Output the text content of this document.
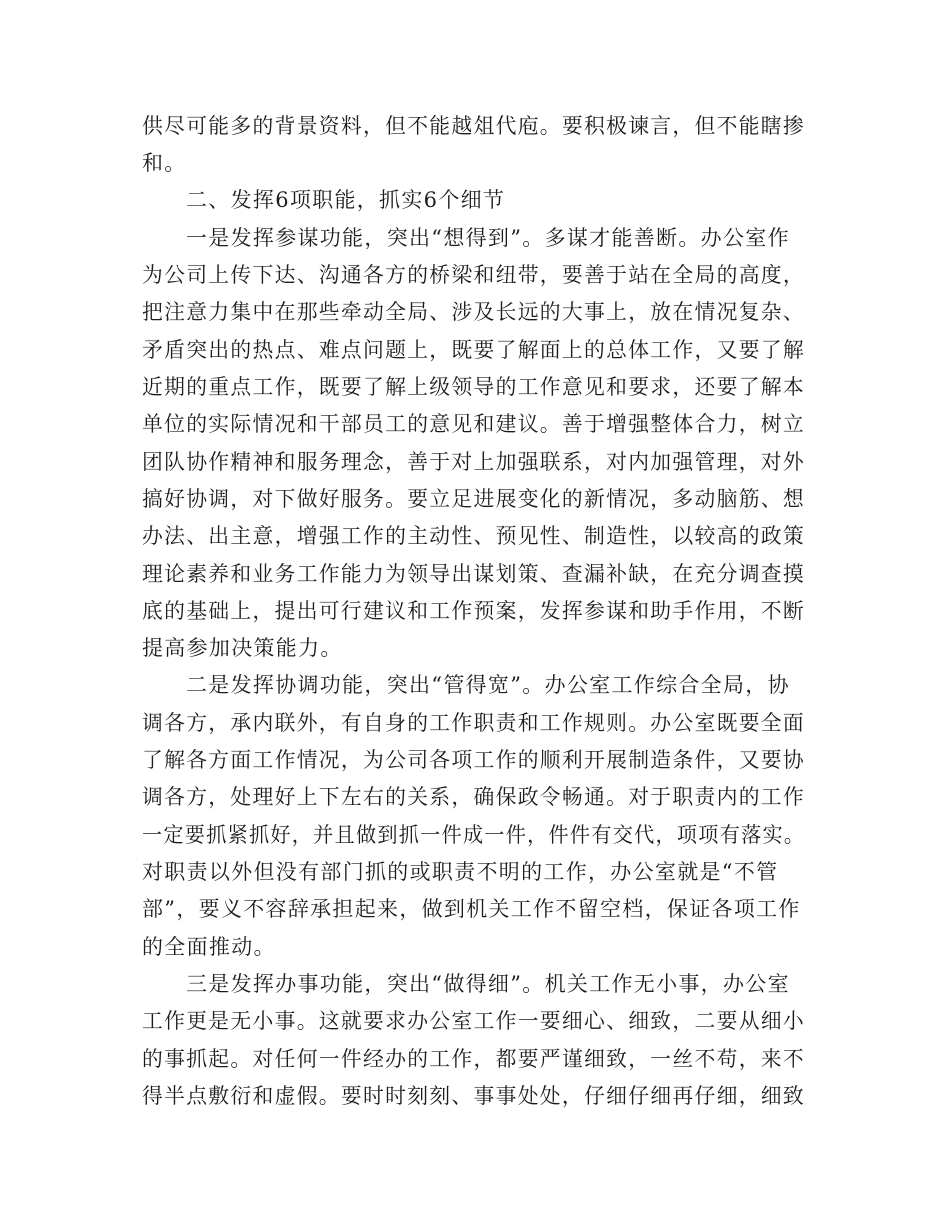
供尽可能多的背景资料，但不能越俎代庖。要积极谏言，但不能瞎掺
和。
二、发挥6项职能，抓实6个细节
一是发挥参谋功能，突出“想得到”。多谋才能善断。办公室作
为公司上传下达、沟通各方的桥梁和纽带，要善于站在全局的高度，
把注意力集中在那些牵动全局、涉及长远的大事上，放在情况复杂、
矛盾突出的热点、难点问题上，既要了解面上的总体工作，又要了解
近期的重点工作，既要了解上级领导的工作意见和要求，还要了解本
单位的实际情况和干部员工的意见和建议。善于增强整体合力，树立
团队协作精神和服务理念，善于对上加强联系，对内加强管理，对外
搞好协调，对下做好服务。要立足进展变化的新情况，多动脑筋、想
办法、出主意，增强工作的主动性、预见性、制造性，以较高的政策
理论素养和业务工作能力为领导出谋划策、查漏补缺，在充分调查摸
底的基础上，提出可行建议和工作预案，发挥参谋和助手作用，不断
提高参加决策能力。
二是发挥协调功能，突出“管得宽”。办公室工作综合全局，协
调各方，承内联外，有自身的工作职责和工作规则。办公室既要全面
了解各方面工作情况，为公司各项工作的顺利开展制造条件，又要协
调各方，处理好上下左右的关系，确保政令畅通。对于职责内的工作
一定要抓紧抓好，并且做到抓一件成一件，件件有交代，项项有落实。
对职责以外但没有部门抓的或职责不明的工作，办公室就是“不管
部”，要义不容辞承担起来，做到机关工作不留空档，保证各项工作
的全面推动。
三是发挥办事功能，突出“做得细”。机关工作无小事，办公室
工作更是无小事。这就要求办公室工作一要细心、细致，二要从细小
的事抓起。对任何一件经办的工作，都要严谨细致，一丝不苟，来不
得半点敷衍和虚假。要时时刻刻、事事处处，仔细仔细再仔细，细致
